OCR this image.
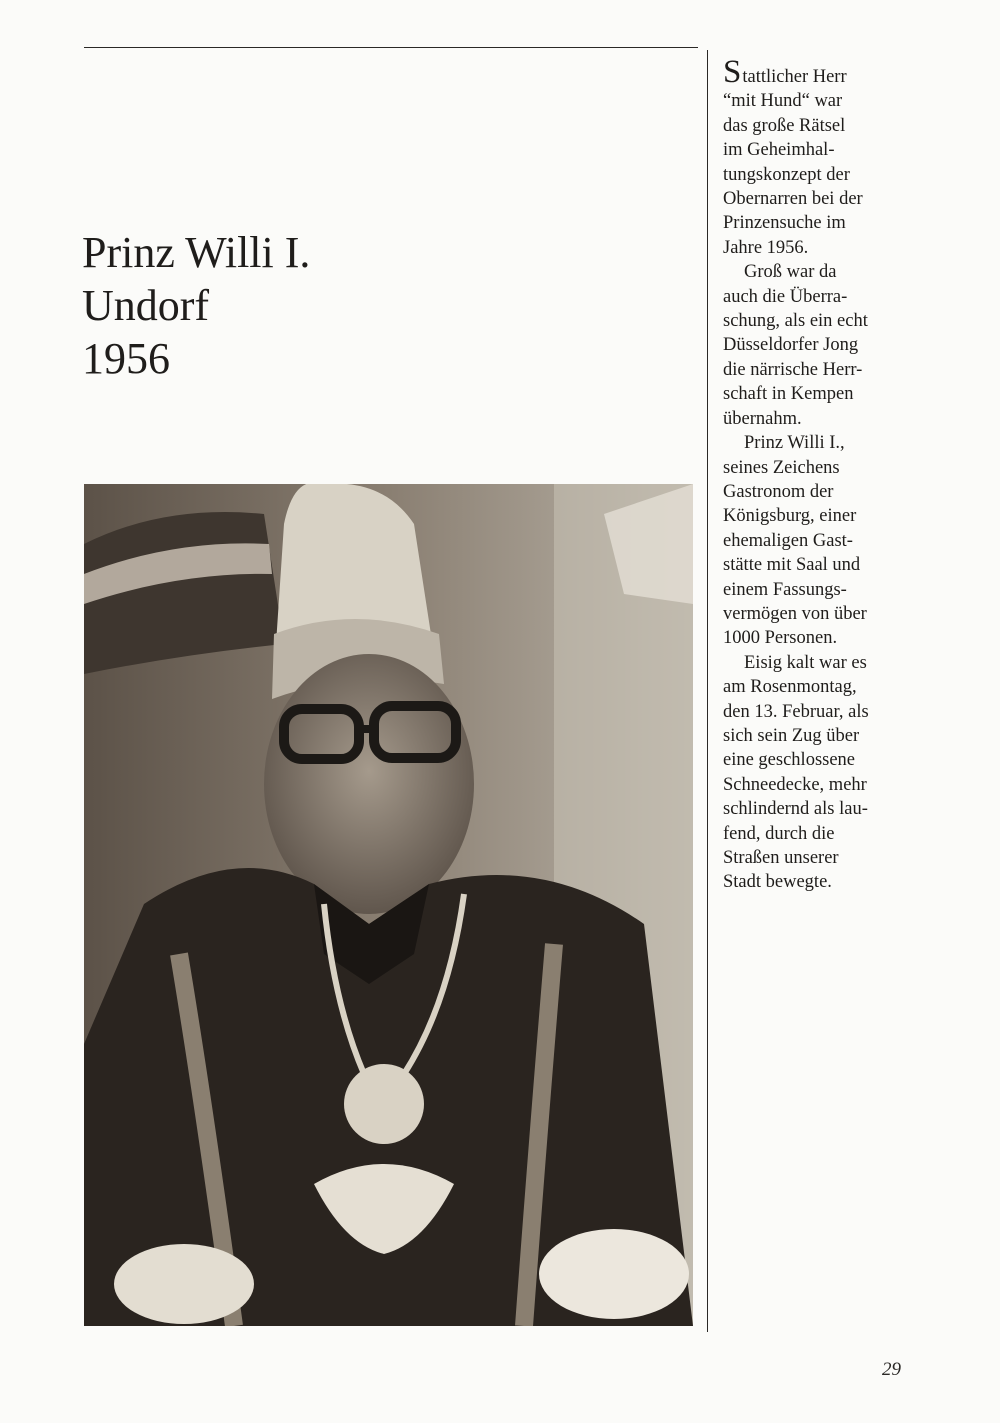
Prinz Willi I.
Undorf
1956

Stattlicher Herr
“mit Hund“ war
das große Rätsel
im Geheimhal-
tungskonzept der
Obernarren bei der
Prinzensuche im
Jahre 1956.

Groß war da
auch die Überra-
schung, als ein echt
Düsseldorfer Jong
die närrische Herr-
schaft in Kempen
übernahm.

Prinz Willi I.,
seines Zeichens
Gastronom der
Königsburg, einer
ehemaligen Gast-
stätte mit Saal und
einem Fassungs-
vermögen von über
1000 Personen.

Eisig kalt war es
am Rosenmontag,
den 13. Februar, als
sich sein Zug über
eine geschlossene
Schneedecke, mehr
schlindernd als lau-
fend, durch die
Straßen unserer
Stadt bewegte.

29
